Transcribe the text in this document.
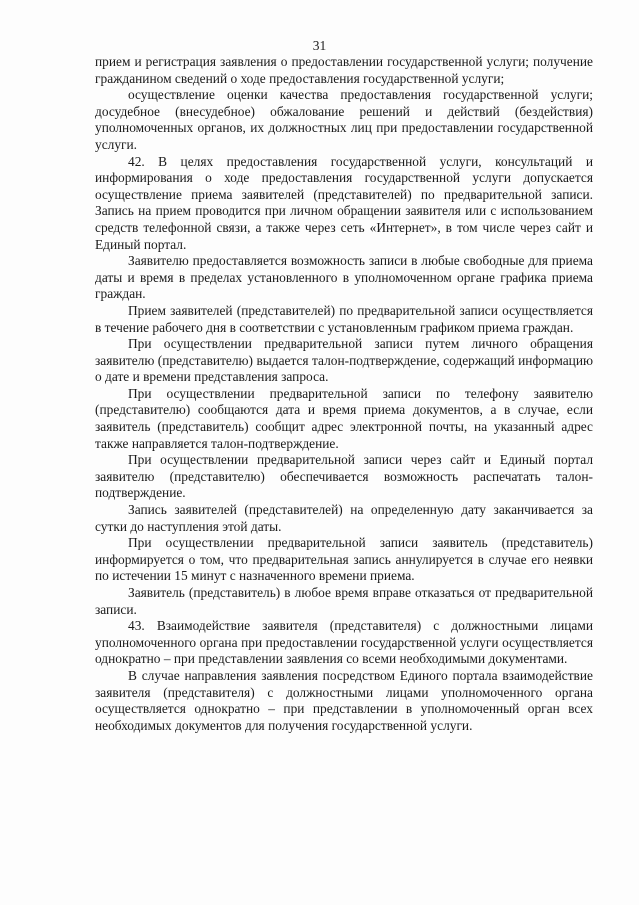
31

прием и регистрация заявления о предоставлении государственной услуги; получение гражданином сведений о ходе предоставления государственной услуги;

осуществление оценки качества предоставления государственной услуги; досудебное (внесудебное) обжалование решений и действий (бездействия) уполномоченных органов, их должностных лиц при предоставлении государственной услуги.

42. В целях предоставления государственной услуги, консультаций и информирования о ходе предоставления государственной услуги допускается осуществление приема заявителей (представителей) по предварительной записи. Запись на прием проводится при личном обращении заявителя или с использованием средств телефонной связи, а также через сеть «Интернет», в том числе через сайт и Единый портал.

Заявителю предоставляется возможность записи в любые свободные для приема даты и время в пределах установленного в уполномоченном органе графика приема граждан.

Прием заявителей (представителей) по предварительной записи осуществляется в течение рабочего дня в соответствии с установленным графиком приема граждан.

При осуществлении предварительной записи путем личного обращения заявителю (представителю) выдается талон-подтверждение, содержащий информацию о дате и времени представления запроса.

При осуществлении предварительной записи по телефону заявителю (представителю) сообщаются дата и время приема документов, а в случае, если заявитель (представитель) сообщит адрес электронной почты, на указанный адрес также направляется талон-подтверждение.

При осуществлении предварительной записи через сайт и Единый портал заявителю (представителю) обеспечивается возможность распечатать талон- подтверждение.

Запись заявителей (представителей) на определенную дату заканчивается за сутки до наступления этой даты.

При осуществлении предварительной записи заявитель (представитель) информируется о том, что предварительная запись аннулируется в случае его неявки по истечении 15 минут с назначенного времени приема.

Заявитель (представитель) в любое время вправе отказаться от предварительной записи.

43. Взаимодействие заявителя (представителя) с должностными лицами уполномоченного органа при предоставлении государственной услуги осуществляется однократно – при представлении заявления со всеми необходимыми документами.

В случае направления заявления посредством Единого портала взаимодействие заявителя (представителя) с должностными лицами уполномоченного органа осуществляется однократно – при представлении в уполномоченный орган всех необходимых документов для получения государственной услуги.
